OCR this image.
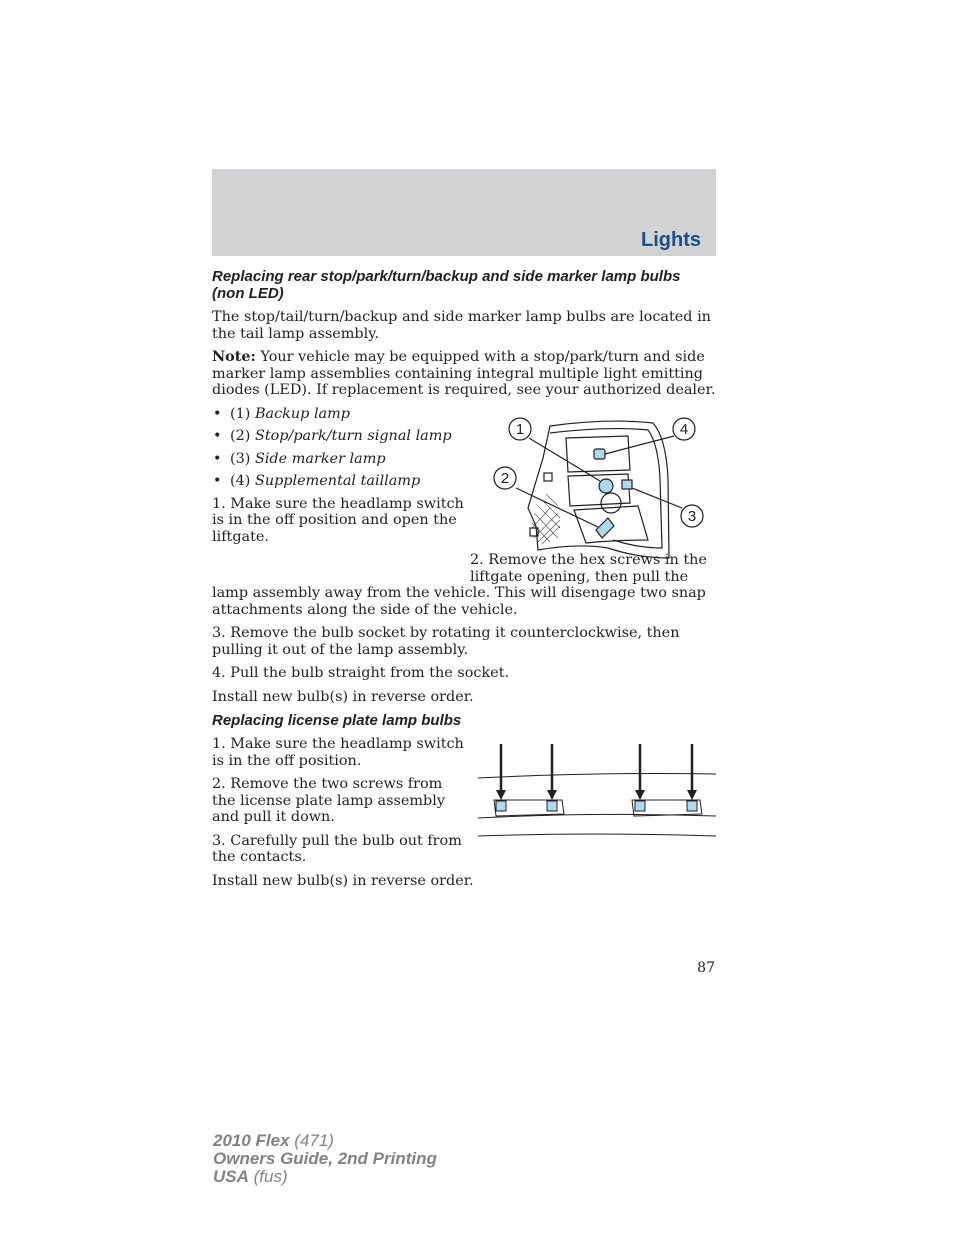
Lights
Replacing rear stop/park/turn/backup and side marker lamp bulbs (non LED)

The stop/tail/turn/backup and side marker lamp bulbs are located in the tail lamp assembly.

Note: Your vehicle may be equipped with a stop/park/turn and side marker lamp assemblies containing integral multiple light emitting diodes (LED). If replacement is required, see your authorized dealer.

• (1) Backup lamp
• (2) Stop/park/turn signal lamp
• (3) Side marker lamp
• (4) Supplemental taillamp

1. Make sure the headlamp switch is in the off position and open the liftgate.

2. Remove the hex screws in the liftgate opening, then pull the lamp assembly away from the vehicle. This will disengage two snap attachments along the side of the vehicle.

3. Remove the bulb socket by rotating it counterclockwise, then pulling it out of the lamp assembly.

4. Pull the bulb straight from the socket.

Install new bulb(s) in reverse order.

Replacing license plate lamp bulbs

1. Make sure the headlamp switch is in the off position.

2. Remove the two screws from the license plate lamp assembly and pull it down.

3. Carefully pull the bulb out from the contacts.

Install new bulb(s) in reverse order.

1
2
3
4
87
2010 Flex (471)
Owners Guide, 2nd Printing
USA (fus)
